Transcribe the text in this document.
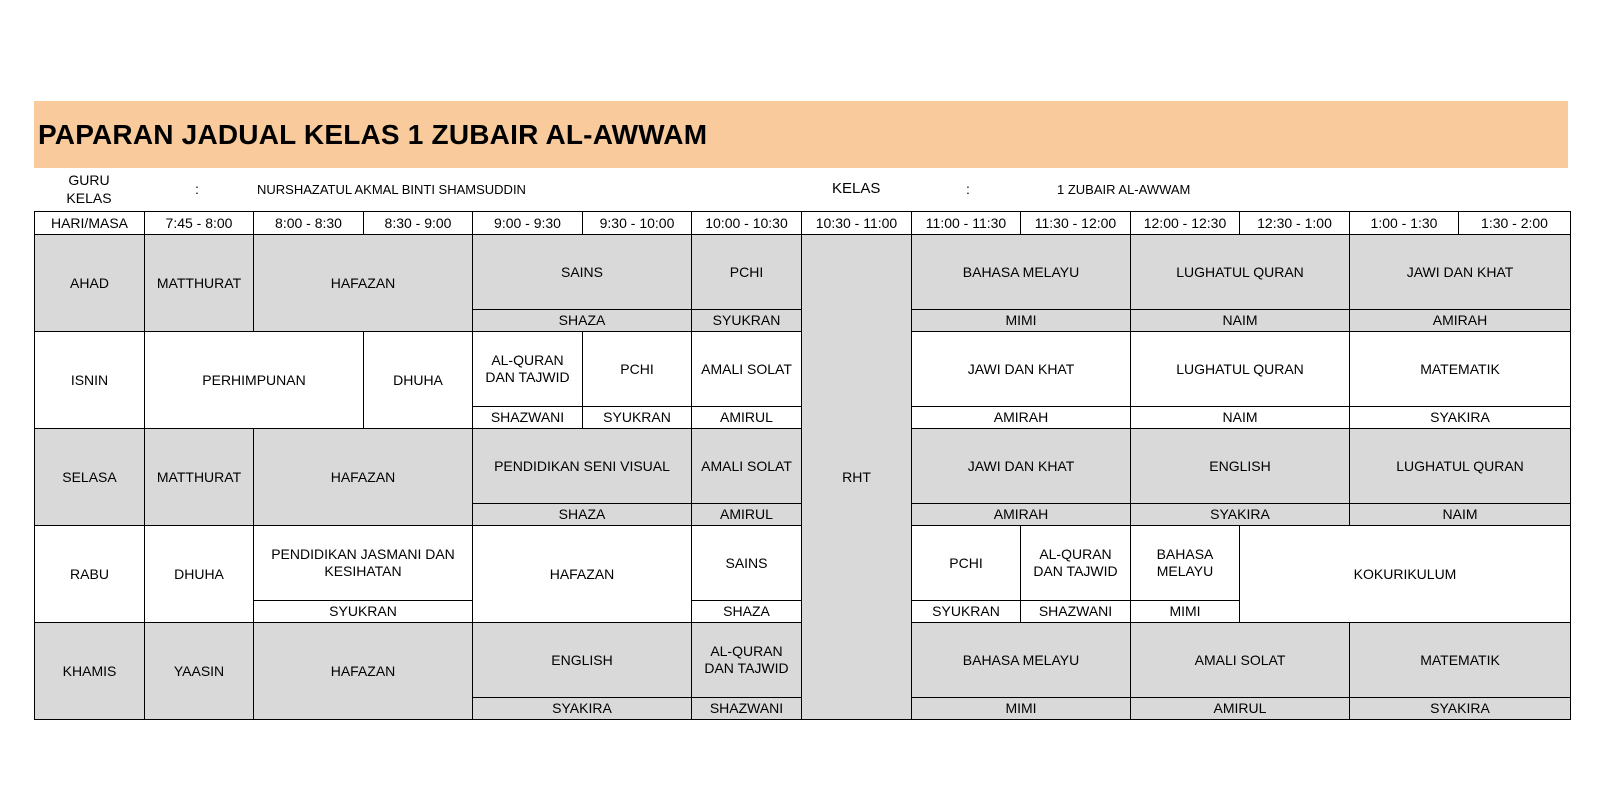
PAPARAN JADUAL KELAS 1 ZUBAIR AL-AWWAM
GURU
KELAS
:	NURSHAZATUL AKMAL BINTI SHAMSUDDIN	KELAS	:	1 ZUBAIR AL-AWWAM
HARI/MASA	7:45 - 8:00	8:00 - 8:30	8:30 - 9:00	9:00 - 9:30	9:30 - 10:00	10:00 - 10:30	10:30 - 11:00	11:00 - 11:30	11:30 - 12:00	12:00 - 12:30	12:30 - 1:00	1:00 - 1:30	1:30 - 2:00
AHAD	MATTHURAT	HAFAZAN		SAINS		PCHI	RHT	BAHASA MELAYU		LUGHATUL QURAN		JAWI DAN KHAT	
				SHAZA		SYUKRAN		MIMI		NAIM		AMIRAH	
ISNIN	PERHIMPUNAN		DHUHA	AL-QURAN DAN TAJWID	PCHI	AMALI SOLAT		JAWI DAN KHAT		LUGHATUL QURAN		MATEMATIK	
				SHAZWANI	SYUKRAN	AMIRUL		AMIRAH		NAIM		SYAKIRA	
SELASA	MATTHURAT	HAFAZAN		PENDIDIKAN SENI VISUAL		AMALI SOLAT		JAWI DAN KHAT		ENGLISH		LUGHATUL QURAN	
				SHAZA		AMIRUL		AMIRAH		SYAKIRA		NAIM	
RABU	DHUHA	PENDIDIKAN JASMANI DAN KESIHATAN		HAFAZAN		SAINS		PCHI	AL-QURAN DAN TAJWID	BAHASA MELAYU	KOKURIKULUM		
		SYUKRAN				SHAZA		SYUKRAN	SHAZWANI	MIMI			
KHAMIS	YAASIN	HAFAZAN		ENGLISH		AL-QURAN DAN TAJWID		BAHASA MELAYU		AMALI SOLAT		MATEMATIK	
				SYAKIRA		SHAZWANI		MIMI		AMIRUL		SYAKIRA	
